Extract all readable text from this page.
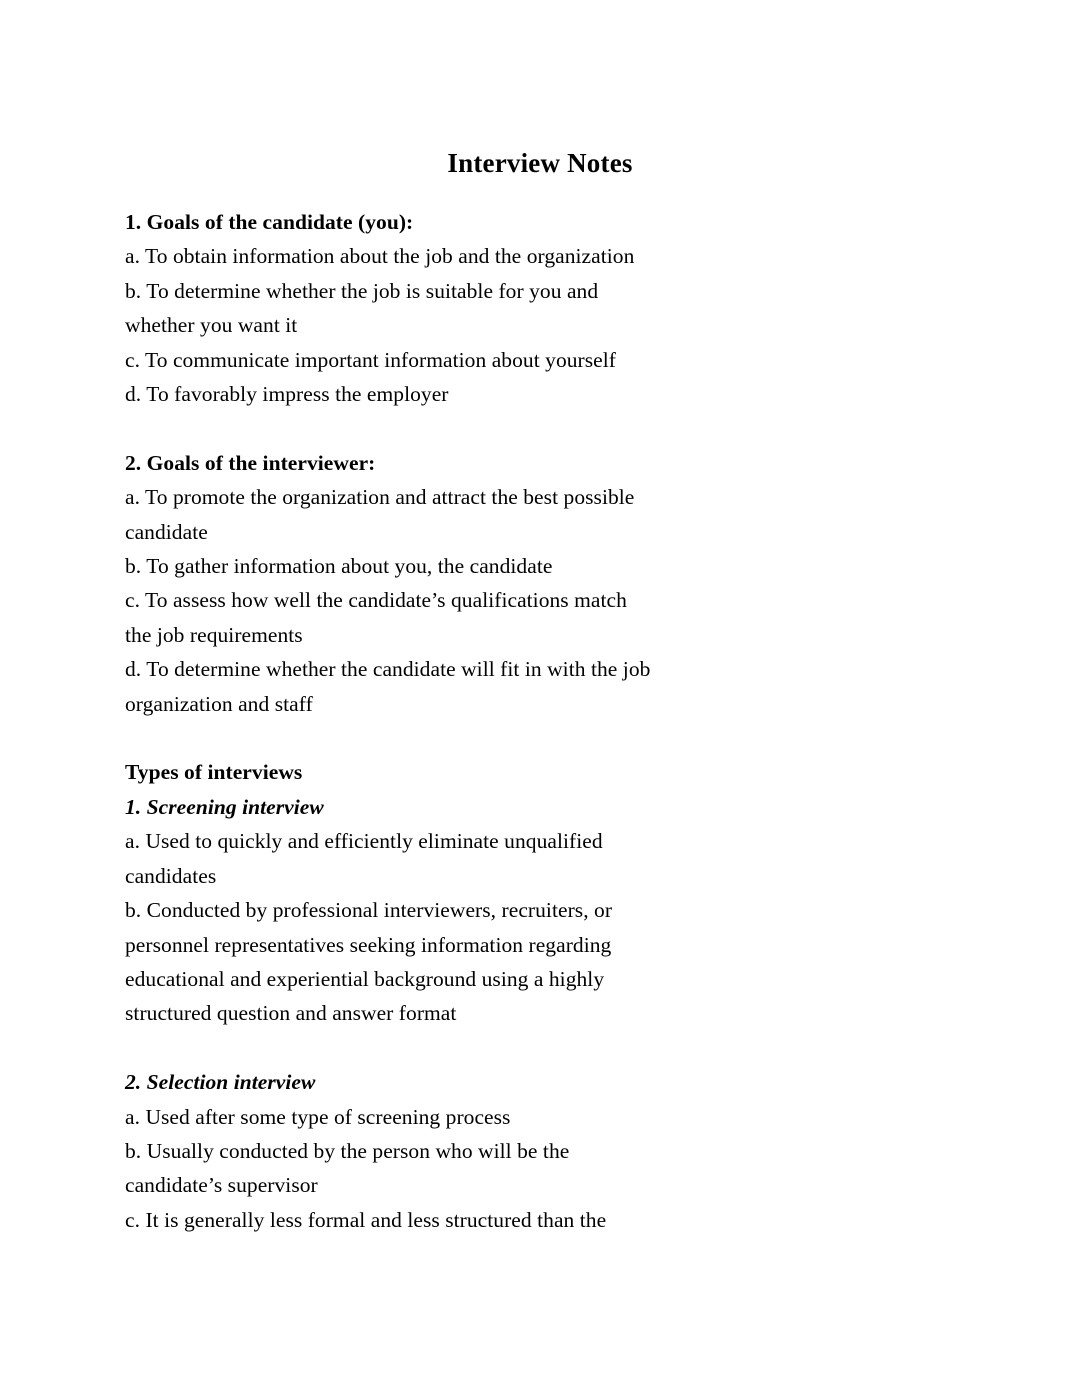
Interview Notes
1. Goals of the candidate (you):
a. To obtain information about the job and the organization
b. To determine whether the job is suitable for you and
whether you want it
c. To communicate important information about yourself
d. To favorably impress the employer
2. Goals of the interviewer:
a. To promote the organization and attract the best possible
candidate
b. To gather information about you, the candidate
c. To assess how well the candidate’s qualifications match
the job requirements
d. To determine whether the candidate will fit in with the job
organization and staff
Types of interviews
1. Screening interview
a. Used to quickly and efficiently eliminate unqualified
candidates
b. Conducted by professional interviewers, recruiters, or
personnel representatives seeking information regarding
educational and experiential background using a highly
structured question and answer format
2. Selection interview
a. Used after some type of screening process
b. Usually conducted by the person who will be the
candidate’s supervisor
c. It is generally less formal and less structured than the
